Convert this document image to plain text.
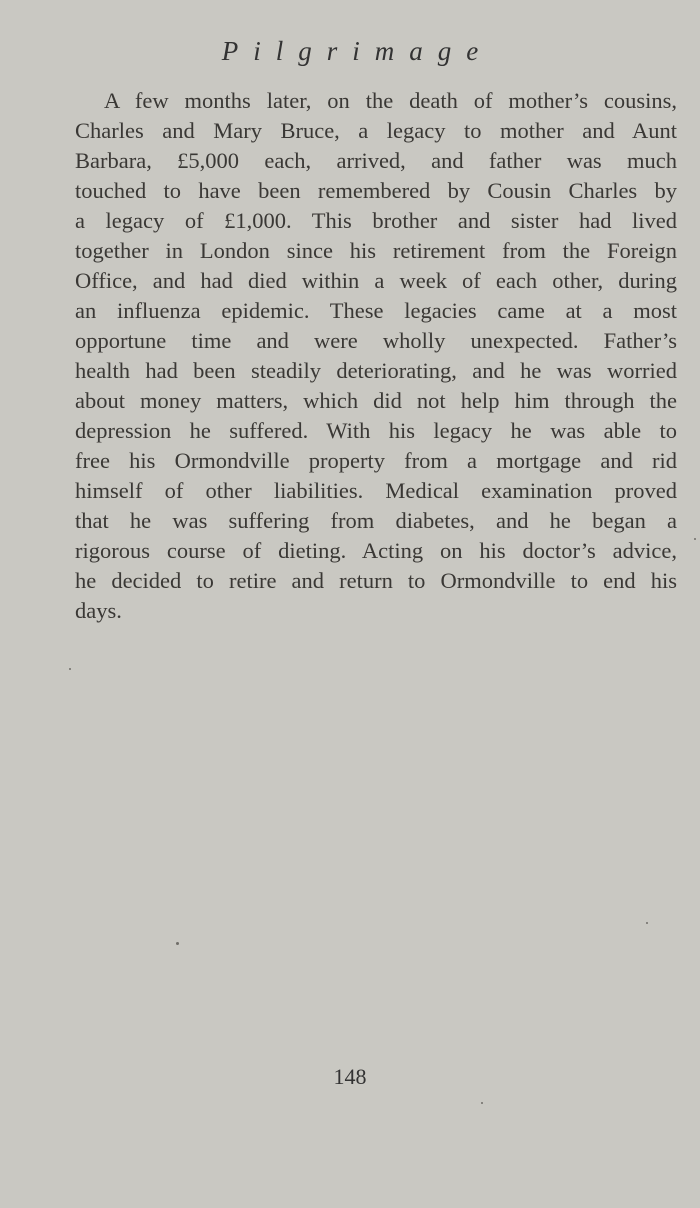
Pilgrimage

A few months later, on the death of mother’s cousins,
Charles and Mary Bruce, a legacy to mother and Aunt
Barbara, £5,000 each, arrived, and father was much
touched to have been remembered by Cousin Charles by
a legacy of £1,000. This brother and sister had lived
together in London since his retirement from the Foreign
Office, and had died within a week of each other, during
an influenza epidemic. These legacies came at a most
opportune time and were wholly unexpected. Father’s
health had been steadily deteriorating, and he was worried
about money matters, which did not help him through the
depression he suffered. With his legacy he was able to
free his Ormondville property from a mortgage and rid
himself of other liabilities. Medical examination proved
that he was suffering from diabetes, and he began a
rigorous course of dieting. Acting on his doctor’s advice,
he decided to retire and return to Ormondville to end his
days.

148
